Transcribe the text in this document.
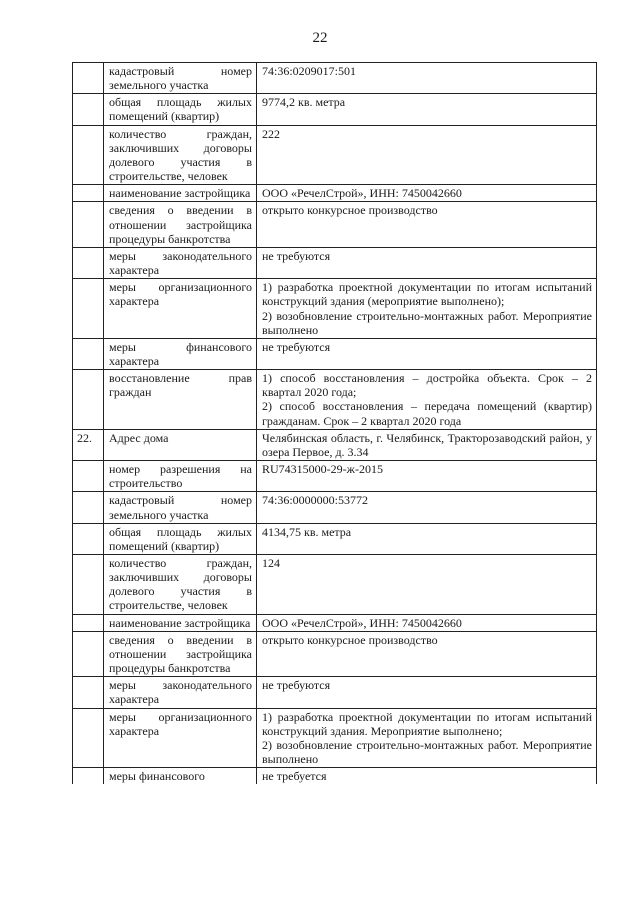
22
	кадастровый номер земельного участка	74:36:0209017:501
	общая площадь жилых помещений (квартир)	9774,2 кв. метра
	количество граждан, заключивших договоры долевого участия в строительстве, человек	222
	наименование застройщика	ООО «РечелСтрой», ИНН: 7450042660
	сведения о введении в отношении застройщика процедуры банкротства	открыто конкурсное производство
	меры законодательного характера	не требуются
	меры организационного характера	1) разработка проектной документации по итогам испытаний конструкций здания (мероприятие выполнено);
2) возобновление строительно-монтажных работ. Мероприятие выполнено
	меры финансового характера	не требуются
	восстановление прав граждан	1) способ восстановления – достройка объекта. Срок – 2 квартал 2020 года;
2) способ восстановления – передача помещений (квартир) гражданам. Срок – 2 квартал 2020 года
22.	Адрес дома	Челябинская область, г. Челябинск, Тракторозаводский район, у озера Первое, д. 3.34
	номер разрешения на строительство	RU74315000-29-ж-2015
	кадастровый номер земельного участка	74:36:0000000:53772
	общая площадь жилых помещений (квартир)	4134,75 кв. метра
	количество граждан, заключивших договоры долевого участия в строительстве, человек	124
	наименование застройщика	ООО «РечелСтрой», ИНН: 7450042660
	сведения о введении в отношении застройщика процедуры банкротства	открыто конкурсное производство
	меры законодательного характера	не требуются
	меры организационного характера	1) разработка проектной документации по итогам испытаний конструкций здания. Мероприятие выполнено;
2) возобновление строительно-монтажных работ. Мероприятие выполнено
	меры финансового	не требуется
